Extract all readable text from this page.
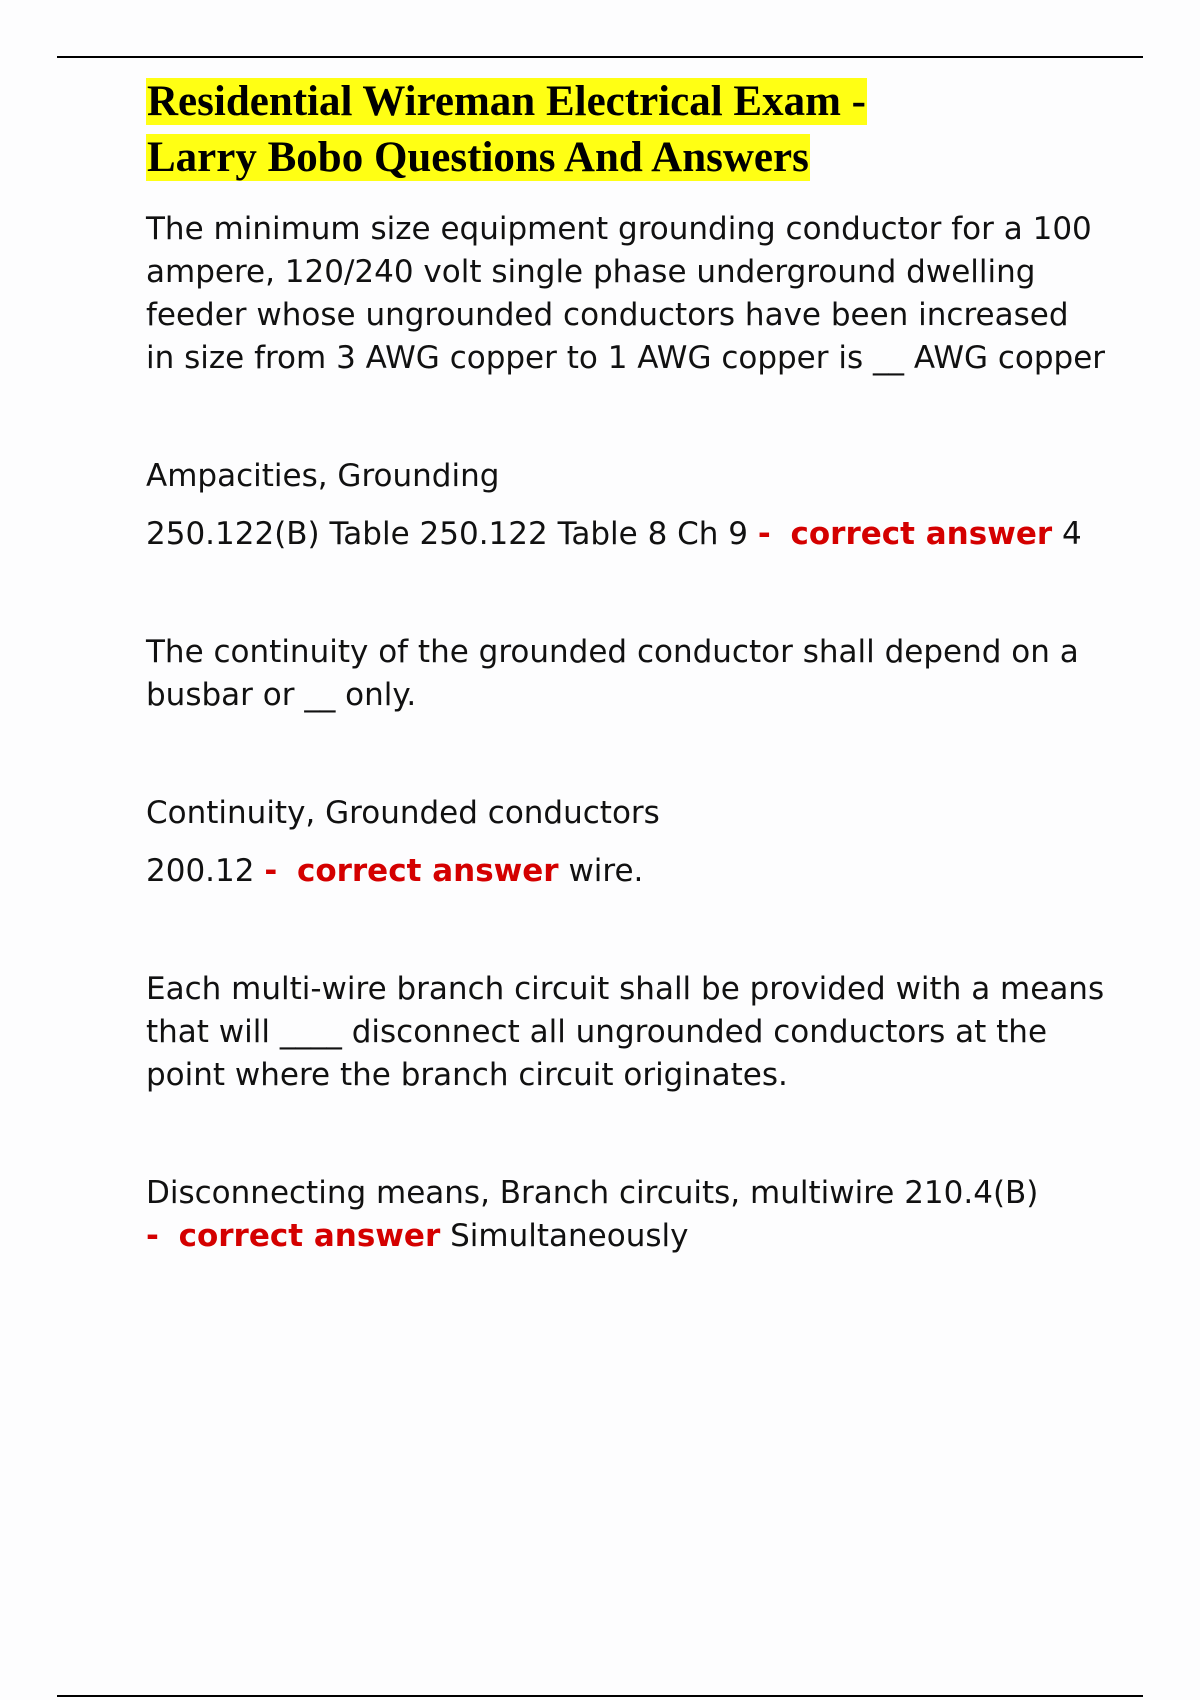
Residential Wireman Electrical Exam -
Larry Bobo Questions And Answers

The minimum size equipment grounding conductor for a 100 ampere, 120/240 volt single phase underground dwelling feeder whose ungrounded conductors have been increased in size from 3 AWG copper to 1 AWG copper is __ AWG copper

Ampacities, Grounding

250.122(B) Table 250.122 Table 8 Ch 9 - correct answer 4

The continuity of the grounded conductor shall depend on a busbar or __ only.

Continuity, Grounded conductors

200.12 - correct answer wire.

Each multi-wire branch circuit shall be provided with a means that will ____ disconnect all ungrounded conductors at the point where the branch circuit originates.

Disconnecting means, Branch circuits, multiwire 210.4(B)
- correct answer Simultaneously
